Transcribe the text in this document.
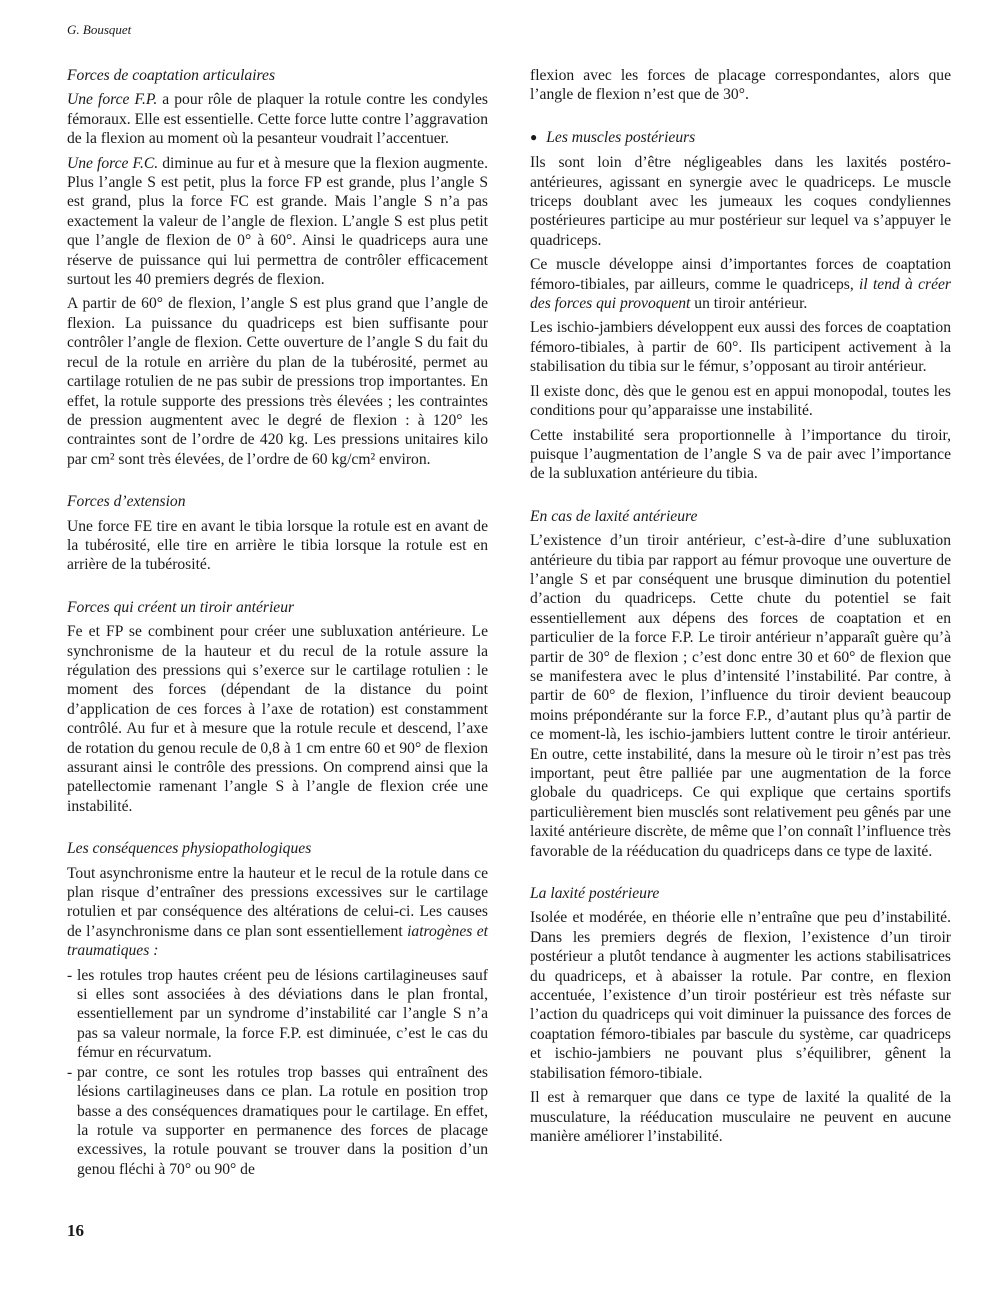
G. Bousquet
Forces de coaptation articulaires

Une force F.P. a pour rôle de plaquer la rotule contre les condyles fémoraux. Elle est essentielle. Cette force lutte contre l’aggravation de la flexion au moment où la pesanteur voudrait l’accentuer.

Une force F.C. diminue au fur et à mesure que la flexion augmente. Plus l’angle S est petit, plus la force FP est grande, plus l’angle S est grand, plus la force FC est grande. Mais l’angle S n’a pas exactement la valeur de l’angle de flexion. L’angle S est plus petit que l’angle de flexion de 0° à 60°. Ainsi le quadriceps aura une réserve de puissance qui lui permettra de contrôler efficacement surtout les 40 premiers degrés de flexion.

A partir de 60° de flexion, l’angle S est plus grand que l’angle de flexion. La puissance du quadriceps est bien suffisante pour contrôler l’angle de flexion. Cette ouverture de l’angle S du fait du recul de la rotule en arrière du plan de la tubérosité, permet au cartilage rotulien de ne pas subir de pressions trop importantes. En effet, la rotule supporte des pressions très élevées ; les contraintes de pression augmentent avec le degré de flexion : à 120° les contraintes sont de l’ordre de 420 kg. Les pressions unitaires kilo par cm² sont très élevées, de l’ordre de 60 kg/cm² environ.

Forces d’extension

Une force FE tire en avant le tibia lorsque la rotule est en avant de la tubérosité, elle tire en arrière le tibia lorsque la rotule est en arrière de la tubérosité.

Forces qui créent un tiroir antérieur

Fe et FP se combinent pour créer une subluxation antérieure. Le synchronisme de la hauteur et du recul de la rotule assure la régulation des pressions qui s’exerce sur le cartilage rotulien : le moment des forces (dépendant de la distance du point d’application de ces forces à l’axe de rotation) est constamment contrôlé. Au fur et à mesure que la rotule recule et descend, l’axe de rotation du genou recule de 0,8 à 1 cm entre 60 et 90° de flexion assurant ainsi le contrôle des pressions. On comprend ainsi que la patellectomie ramenant l’angle S à l’angle de flexion crée une instabilité.

Les conséquences physiopathologiques

Tout asynchronisme entre la hauteur et le recul de la rotule dans ce plan risque d’entraîner des pressions excessives sur le cartilage rotulien et par conséquence des altérations de celui-ci. Les causes de l’asynchronisme dans ce plan sont essentiellement iatrogènes et traumatiques :

- les rotules trop hautes créent peu de lésions cartilagineuses sauf si elles sont associées à des déviations dans le plan frontal, essentiellement par un syndrome d’instabilité car l’angle S n’a pas sa valeur normale, la force F.P. est diminuée, c’est le cas du fémur en récurvatum.
- par contre, ce sont les rotules trop basses qui entraînent des lésions cartilagineuses dans ce plan. La rotule en position trop basse a des conséquences dramatiques pour le cartilage. En effet, la rotule va supporter en permanence des forces de placage excessives, la rotule pouvant se trouver dans la position d’un genou fléchi à 70° ou 90° de

flexion avec les forces de placage correspondantes, alors que l’angle de flexion n’est que de 30°.

● Les muscles postérieurs

Ils sont loin d’être négligeables dans les laxités postéro-antérieures, agissant en synergie avec le quadriceps. Le muscle triceps doublant avec les jumeaux les coques condyliennes postérieures participe au mur postérieur sur lequel va s’appuyer le quadriceps.

Ce muscle développe ainsi d’importantes forces de coaptation fémoro-tibiales, par ailleurs, comme le quadriceps, il tend à créer des forces qui provoquent un tiroir antérieur.

Les ischio-jambiers développent eux aussi des forces de coaptation fémoro-tibiales, à partir de 60°. Ils participent activement à la stabilisation du tibia sur le fémur, s’opposant au tiroir antérieur.

Il existe donc, dès que le genou est en appui monopodal, toutes les conditions pour qu’apparaisse une instabilité.

Cette instabilité sera proportionnelle à l’importance du tiroir, puisque l’augmentation de l’angle S va de pair avec l’importance de la subluxation antérieure du tibia.

En cas de laxité antérieure

L’existence d’un tiroir antérieur, c’est-à-dire d’une subluxation antérieure du tibia par rapport au fémur provoque une ouverture de l’angle S et par conséquent une brusque diminution du potentiel d’action du quadriceps. Cette chute du potentiel se fait essentiellement aux dépens des forces de coaptation et en particulier de la force F.P. Le tiroir antérieur n’apparaît guère qu’à partir de 30° de flexion ; c’est donc entre 30 et 60° de flexion que se manifestera avec le plus d’intensité l’instabilité. Par contre, à partir de 60° de flexion, l’influence du tiroir devient beaucoup moins prépondérante sur la force F.P., d’autant plus qu’à partir de ce moment-là, les ischio-jambiers luttent contre le tiroir antérieur. En outre, cette instabilité, dans la mesure où le tiroir n’est pas très important, peut être palliée par une augmentation de la force globale du quadriceps. Ce qui explique que certains sportifs particulièrement bien musclés sont relativement peu gênés par une laxité antérieure discrète, de même que l’on connaît l’influence très favorable de la rééducation du quadriceps dans ce type de laxité.

La laxité postérieure

Isolée et modérée, en théorie elle n’entraîne que peu d’instabilité. Dans les premiers degrés de flexion, l’existence d’un tiroir postérieur a plutôt tendance à augmenter les actions stabilisatrices du quadriceps, et à abaisser la rotule. Par contre, en flexion accentuée, l’existence d’un tiroir postérieur est très néfaste sur l’action du quadriceps qui voit diminuer la puissance des forces de coaptation fémoro-tibiales par bascule du système, car quadriceps et ischio-jambiers ne pouvant plus s’équilibrer, gênent la stabilisation fémoro-tibiale.

Il est à remarquer que dans ce type de laxité la qualité de la musculature, la rééducation musculaire ne peuvent en aucune manière améliorer l’instabilité.

16
